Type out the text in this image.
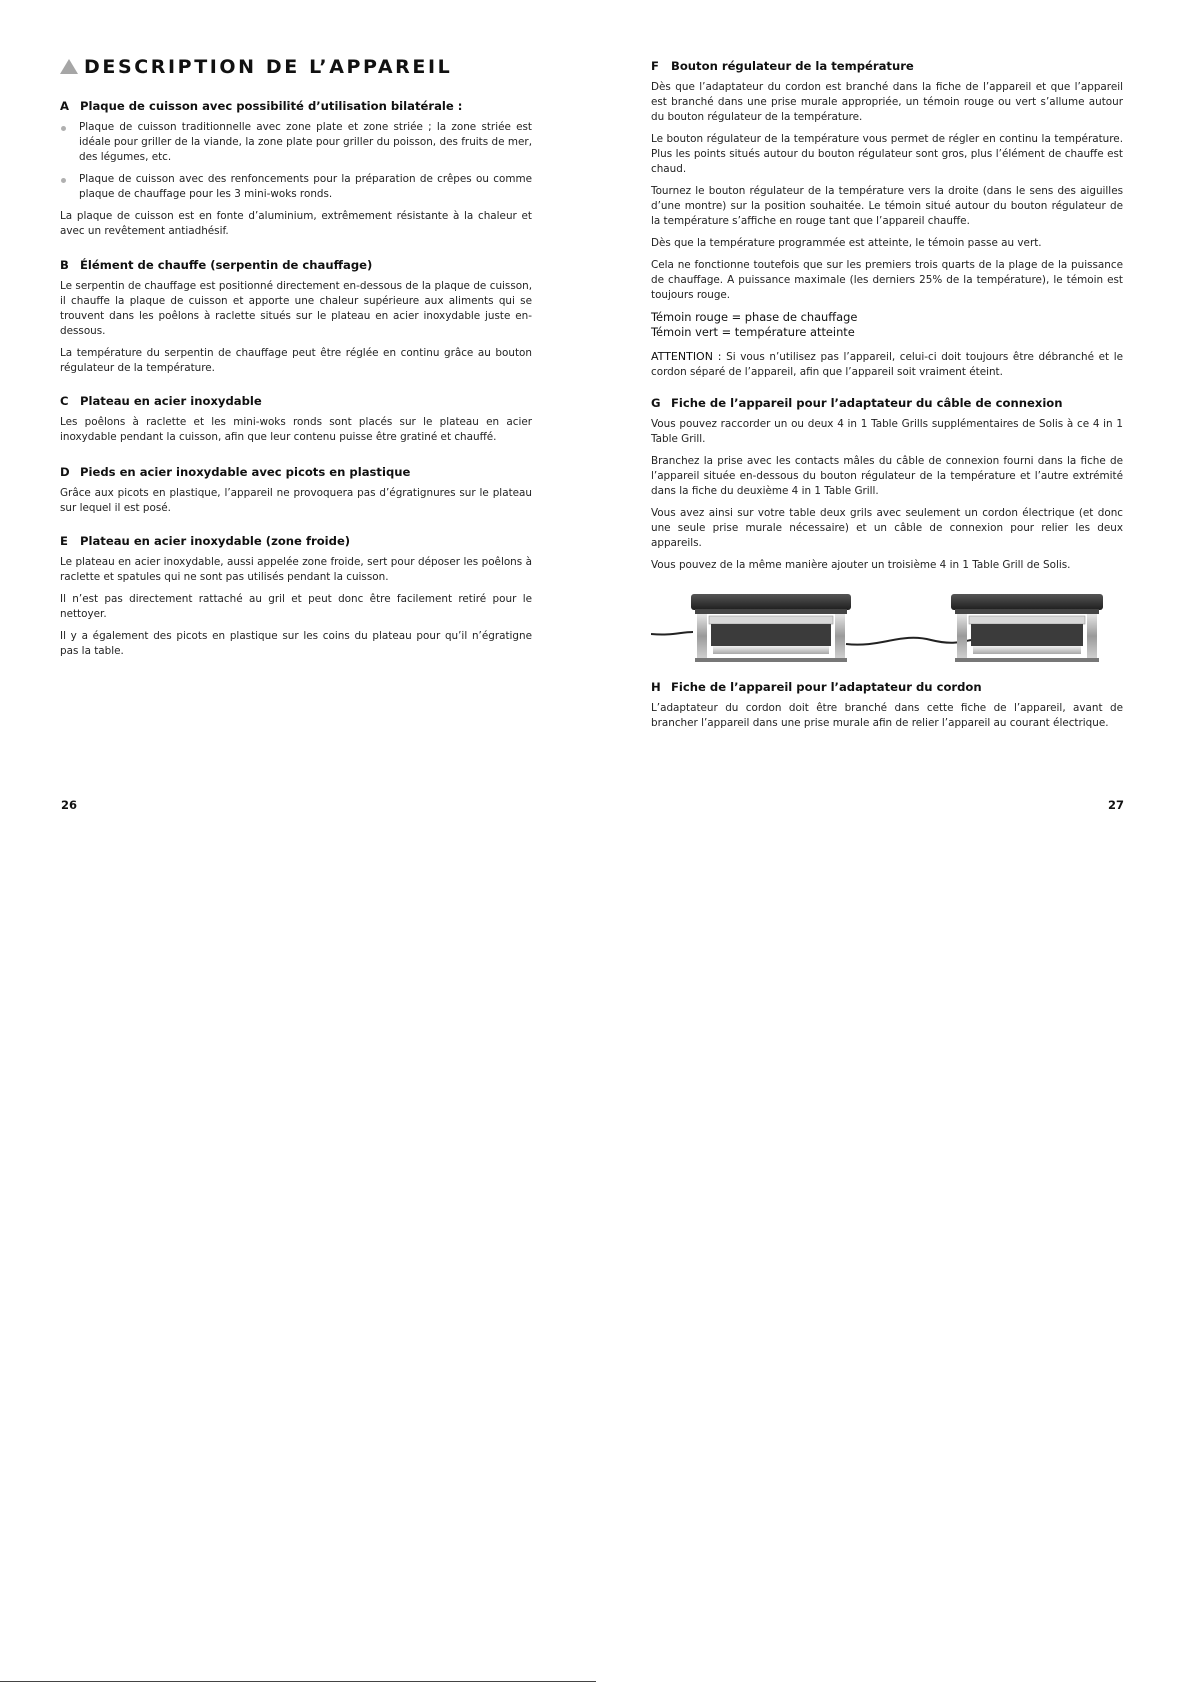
DESCRIPTION DE L’APPAREIL
A Plaque de cuisson avec possibilité d’utilisation bilatérale :
Plaque de cuisson traditionnelle avec zone plate et zone striée ; la zone striée est idéale pour griller de la viande, la zone plate pour griller du poisson, des fruits de mer, des légumes, etc.
Plaque de cuisson avec des renfoncements pour la préparation de crêpes ou comme plaque de chauffage pour les 3 mini-woks ronds.

La plaque de cuisson est en fonte d’aluminium, extrêmement résistante à la chaleur et avec un revêtement antiadhésif.

B Élément de chauffe (serpentin de chauffage)

Le serpentin de chauffage est positionné directement en-dessous de la plaque de cuisson, il chauffe la plaque de cuisson et apporte une chaleur supérieure aux aliments qui se trouvent dans les poêlons à raclette situés sur le plateau en acier inoxydable juste en-dessous.

La température du serpentin de chauffage peut être réglée en continu grâce au bouton régulateur de la température.

C Plateau en acier inoxydable

Les poêlons à raclette et les mini-woks ronds sont placés sur le plateau en acier inoxydable pendant la cuisson, afin que leur contenu puisse être gratiné et chauffé.

D Pieds en acier inoxydable avec picots en plastique

Grâce aux picots en plastique, l’appareil ne provoquera pas d’égratignures sur le plateau sur lequel il est posé.

E Plateau en acier inoxydable (zone froide)

Le plateau en acier inoxydable, aussi appelée zone froide, sert pour déposer les poêlons à raclette et spatules qui ne sont pas utilisés pendant la cuisson.

Il n’est pas directement rattaché au gril et peut donc être facilement retiré pour le nettoyer.

Il y a également des picots en plastique sur les coins du plateau pour qu’il n’égratigne pas la table.

F Bouton régulateur de la température

Dès que l’adaptateur du cordon est branché dans la fiche de l’appareil et que l’appareil est branché dans une prise murale appropriée, un témoin rouge ou vert s’allume autour du bouton régulateur de la température.

Le bouton régulateur de la température vous permet de régler en continu la température. Plus les points situés autour du bouton régulateur sont gros, plus l’élément de chauffe est chaud.

Tournez le bouton régulateur de la température vers la droite (dans le sens des aiguilles d’une montre) sur la position souhaitée. Le témoin situé autour du bouton régulateur de la température s’affiche en rouge tant que l’appareil chauffe.

Dès que la température programmée est atteinte, le témoin passe au vert.

Cela ne fonctionne toutefois que sur les premiers trois quarts de la plage de la puissance de chauffage. A puissance maximale (les derniers 25% de la température), le témoin est toujours rouge.

Témoin rouge = phase de chauffage
Témoin vert = température atteinte

ATTENTION : Si vous n’utilisez pas l’appareil, celui-ci doit toujours être débranché et le cordon séparé de l’appareil, afin que l’appareil soit vraiment éteint.

G Fiche de l’appareil pour l’adaptateur du câble de connexion

Vous pouvez raccorder un ou deux 4 in 1 Table Grills supplémentaires de Solis à ce 4 in 1 Table Grill.

Branchez la prise avec les contacts mâles du câble de connexion fourni dans la fiche de l’appareil située en-dessous du bouton régulateur de la température et l’autre extrémité dans la fiche du deuxième 4 in 1 Table Grill.

Vous avez ainsi sur votre table deux grils avec seulement un cordon électrique (et donc une seule prise murale nécessaire) et un câble de connexion pour relier les deux appareils.

Vous pouvez de la même manière ajouter un troisième 4 in 1 Table Grill de Solis.

H Fiche de l’appareil pour l’adaptateur du cordon

L’adaptateur du cordon doit être branché dans cette fiche de l’appareil, avant de brancher l’appareil dans une prise murale afin de relier l’appareil au courant électrique.

26	27
